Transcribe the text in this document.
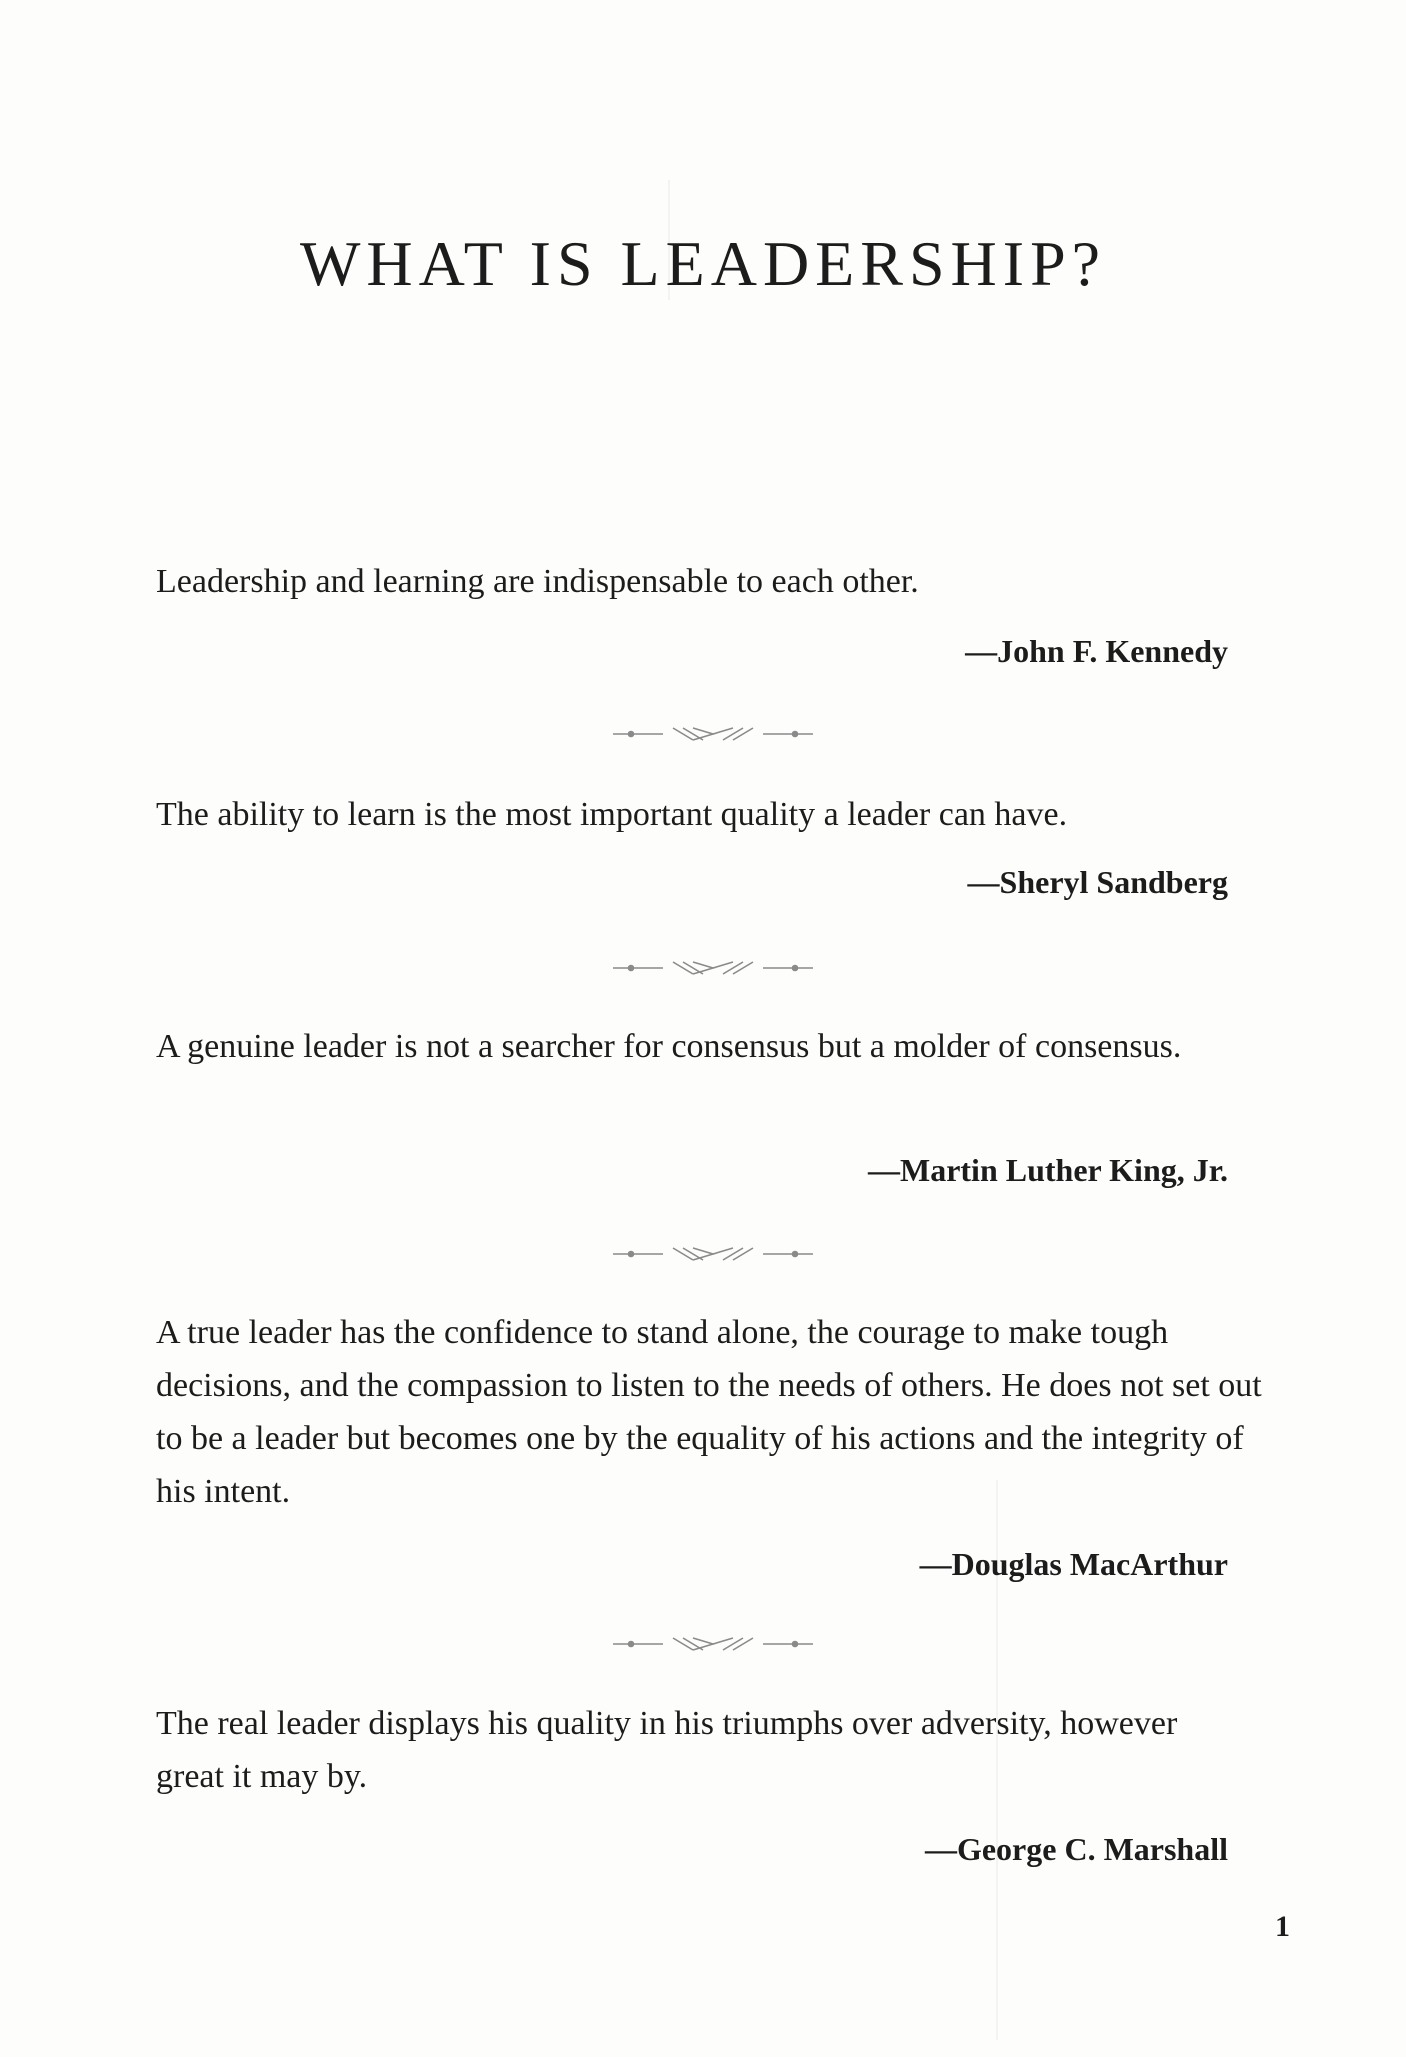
WHAT IS LEADERSHIP?

Leadership and learning are indispensable to each other.

—John F. Kennedy

The ability to learn is the most important quality a leader can have.

—Sheryl Sandberg

A genuine leader is not a searcher for consensus but a molder of consensus.

—Martin Luther King, Jr.

A true leader has the confidence to stand alone, the courage to make tough decisions, and the compassion to listen to the needs of others. He does not set out to be a leader but becomes one by the equality of his actions and the integrity of his intent.

—Douglas MacArthur

The real leader displays his quality in his triumphs over adversity, however great it may by.

—George C. Marshall

1
